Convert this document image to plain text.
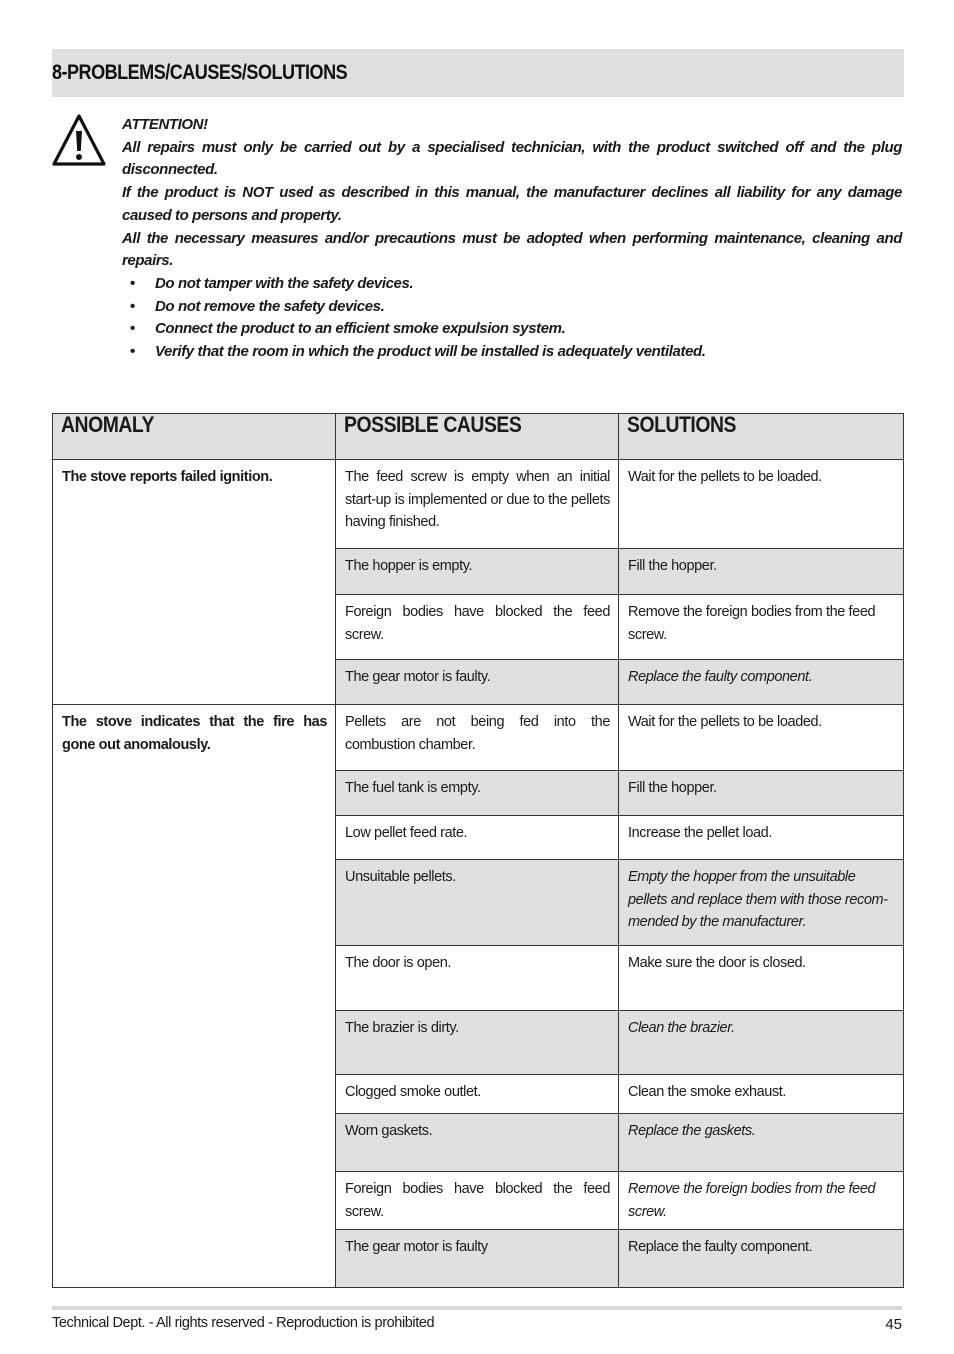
8-PROBLEMS/CAUSES/SOLUTIONS

ATTENTION!

All repairs must only be carried out by a specialised technician, with the product switched off and the plug disconnected.

If the product is NOT used as described in this manual, the manufacturer declines all liability for any damage caused to persons and property.

All the necessary measures and/or precautions must be adopted when performing maintenance, cleaning and repairs.

• Do not tamper with the safety devices.
• Do not remove the safety devices.
• Connect the product to an efficient smoke expulsion system.
• Verify that the room in which the product will be installed is adequately ventilated.
ANOMALY	POSSIBLE CAUSES	SOLUTIONS
The stove reports failed ignition.	The feed screw is empty when an initial start-up is implemented or due to the pellets having finished.	Wait for the pellets to be loaded.
	The hopper is empty.	Fill the hopper.
	Foreign bodies have blocked the feed screw.	Remove the foreign bodies from the feed screw.
	The gear motor is faulty.	Replace the faulty component.
The stove indicates that the fire has gone out anomalously.	Pellets are not being fed into the combustion chamber.	Wait for the pellets to be loaded.
	The fuel tank is empty.	Fill the hopper.
	Low pellet feed rate.	Increase the pellet load.
	Unsuitable pellets.	Empty the hopper from the unsuitable pellets and replace them with those recom-mended by the manufacturer.
	The door is open.	Make sure the door is closed.
	The brazier is dirty.	Clean the brazier.
	Clogged smoke outlet.	Clean the smoke exhaust.
	Worn gaskets.	Replace the gaskets.
	Foreign bodies have blocked the feed screw.	Remove the foreign bodies from the feed screw.
	The gear motor is faulty	Replace the faulty component.
Technical Dept. - All rights reserved - Reproduction is prohibited	45
